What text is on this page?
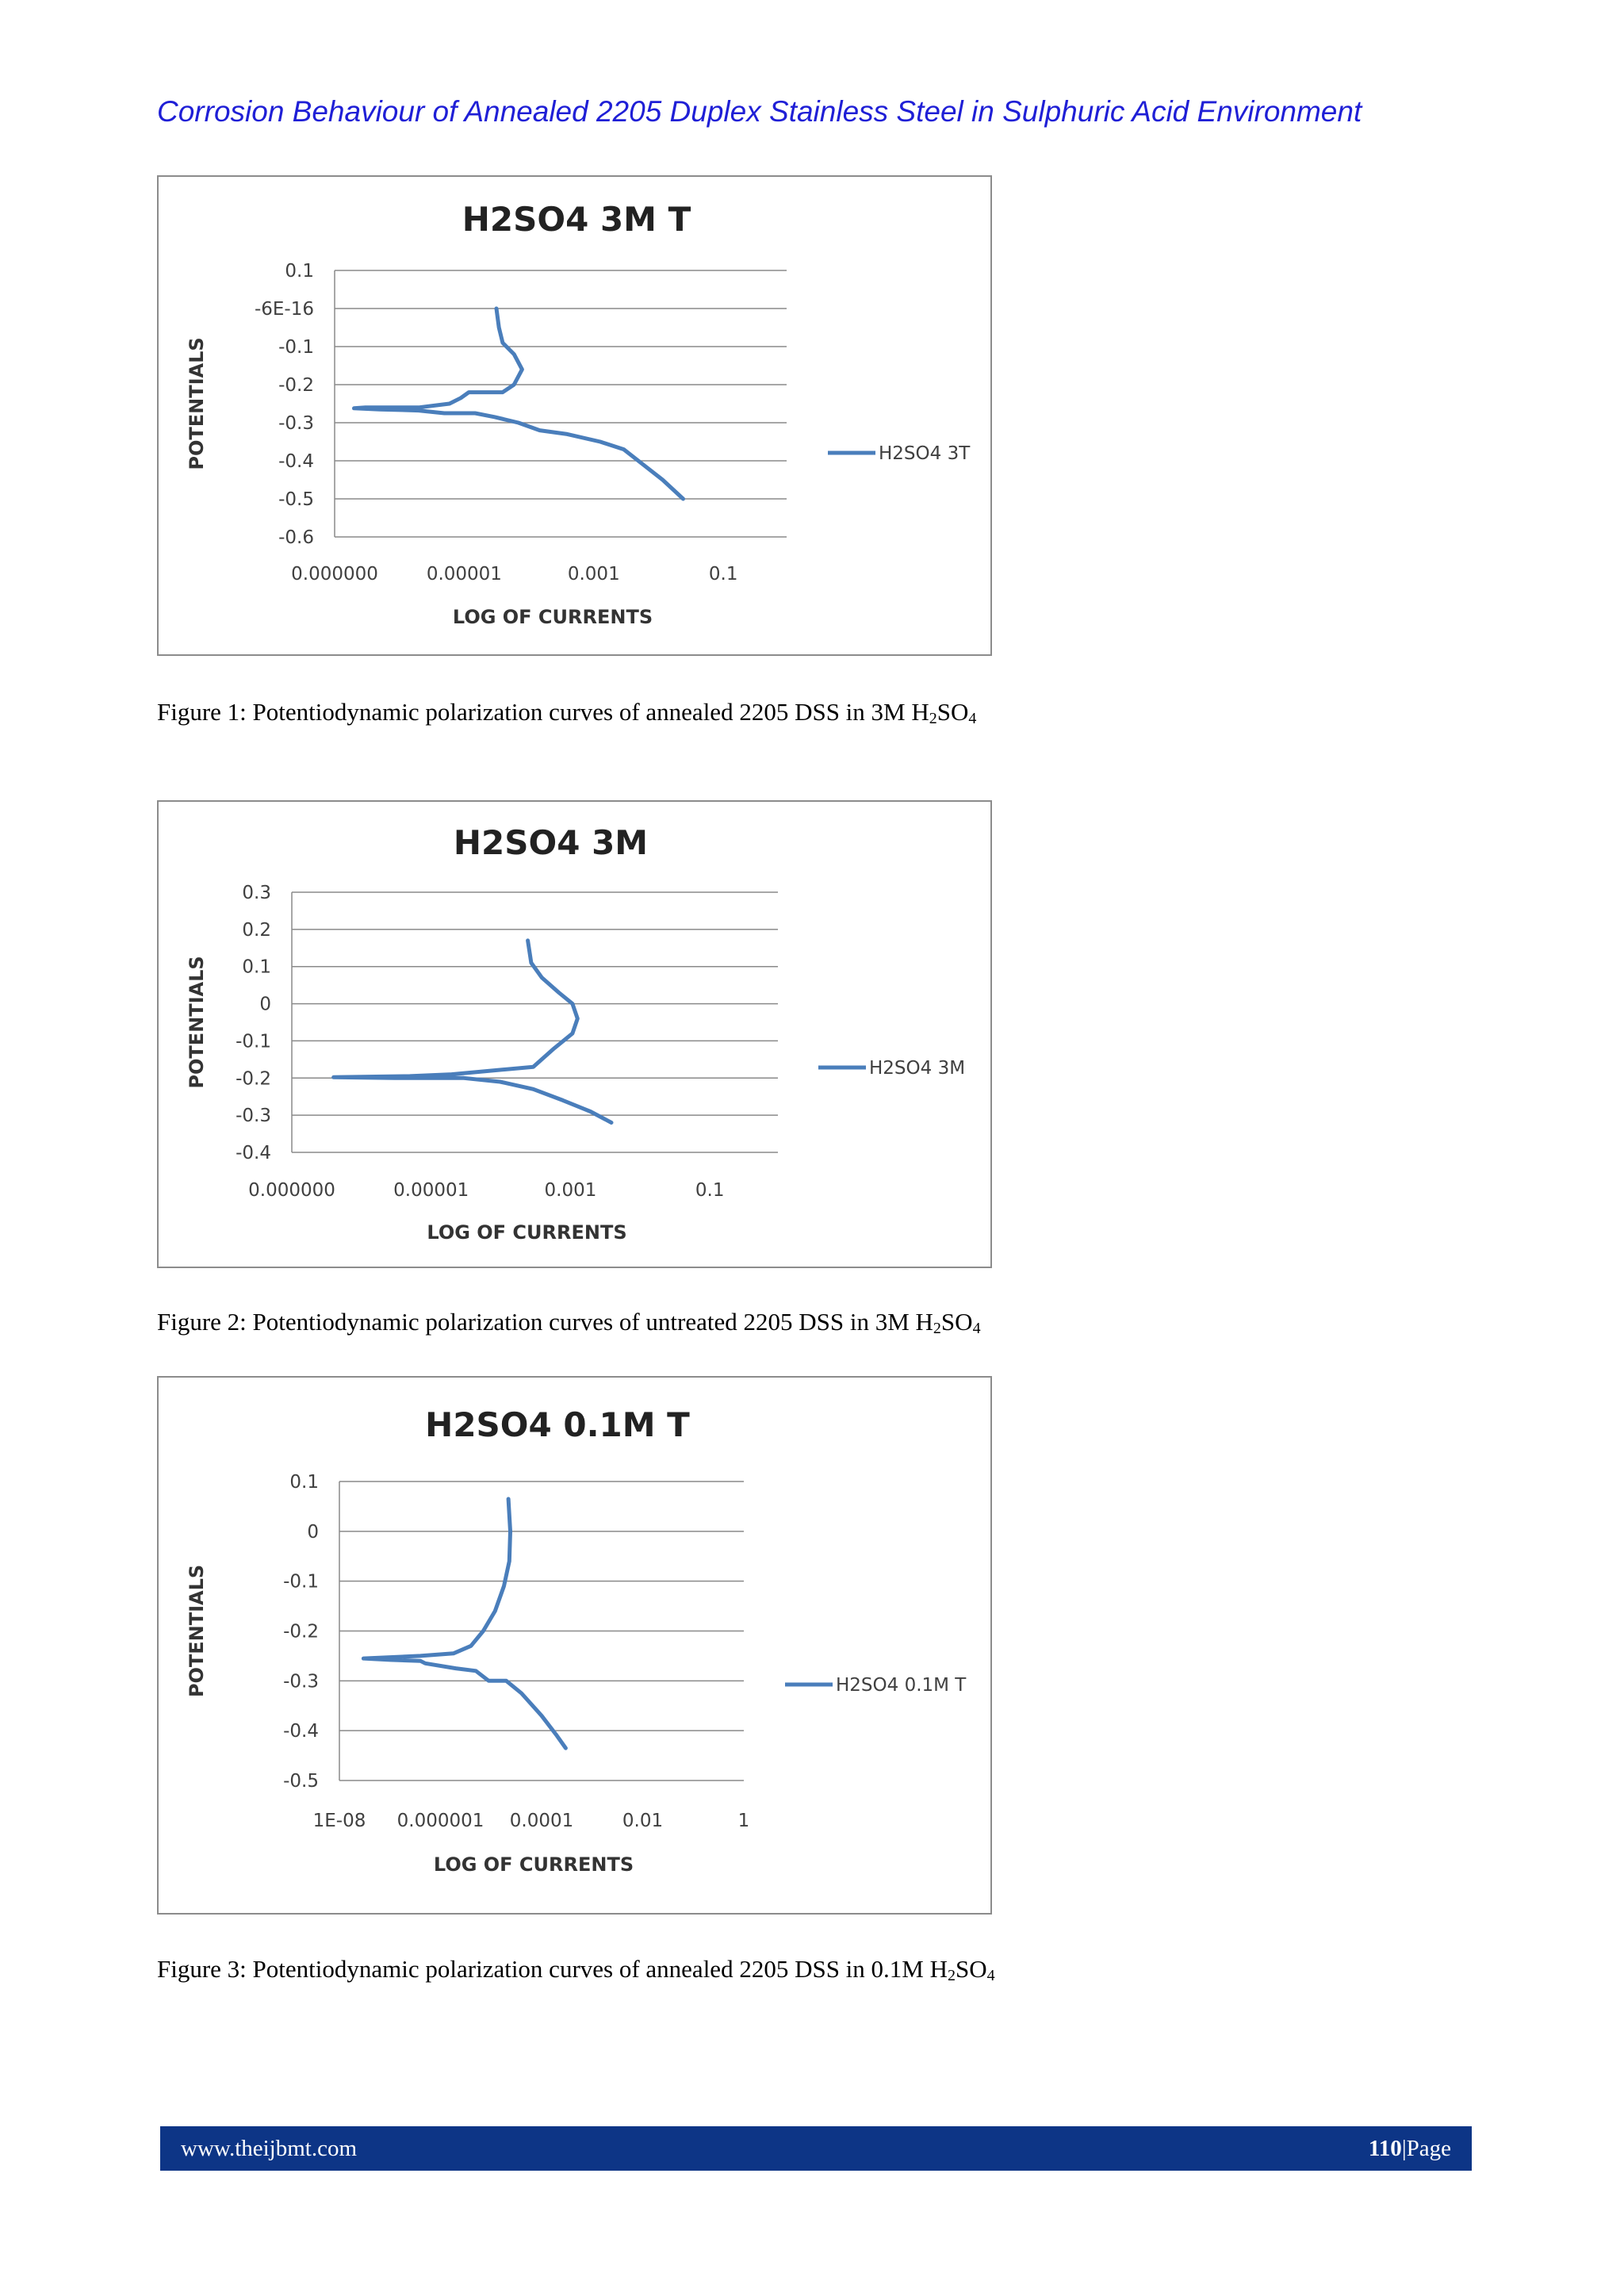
Corrosion Behaviour of Annealed 2205 Duplex Stainless Steel in Sulphuric Acid Environment
H2SO4 3M T
0.1
-6E-16
-0.1
-0.2
-0.3
-0.4
-0.5
-0.6
0.000000	0.00001	0.001	0.1
LOG OF CURRENTS
POTENTIALS	H2SO4 3T
Figure 1: Potentiodynamic polarization curves of annealed 2205 DSS in 3M $H_2SO_4$
H2SO4 3M
0.3
0.2
0.1
0
-0.1
-0.2
-0.3
-0.4
0.000000	0.00001	0.001	0.1
LOG OF CURRENTS
POTENTIALS	H2SO4 3M
Figure 2: Potentiodynamic polarization curves of untreated 2205 DSS in 3M $H_2SO_4$
H2SO4 0.1M T
0.1
0
-0.1
-0.2
-0.3
-0.4
-0.5
1E-08 0.000001 0.0001	0.01	1
LOG OF CURRENTS
POTENTIALS	H2SO4 0.1M T
Figure 3: Potentiodynamic polarization curves of annealed 2205 DSS in 0.1M $H_2SO_4$
www.theijbmt.com	110|Page
